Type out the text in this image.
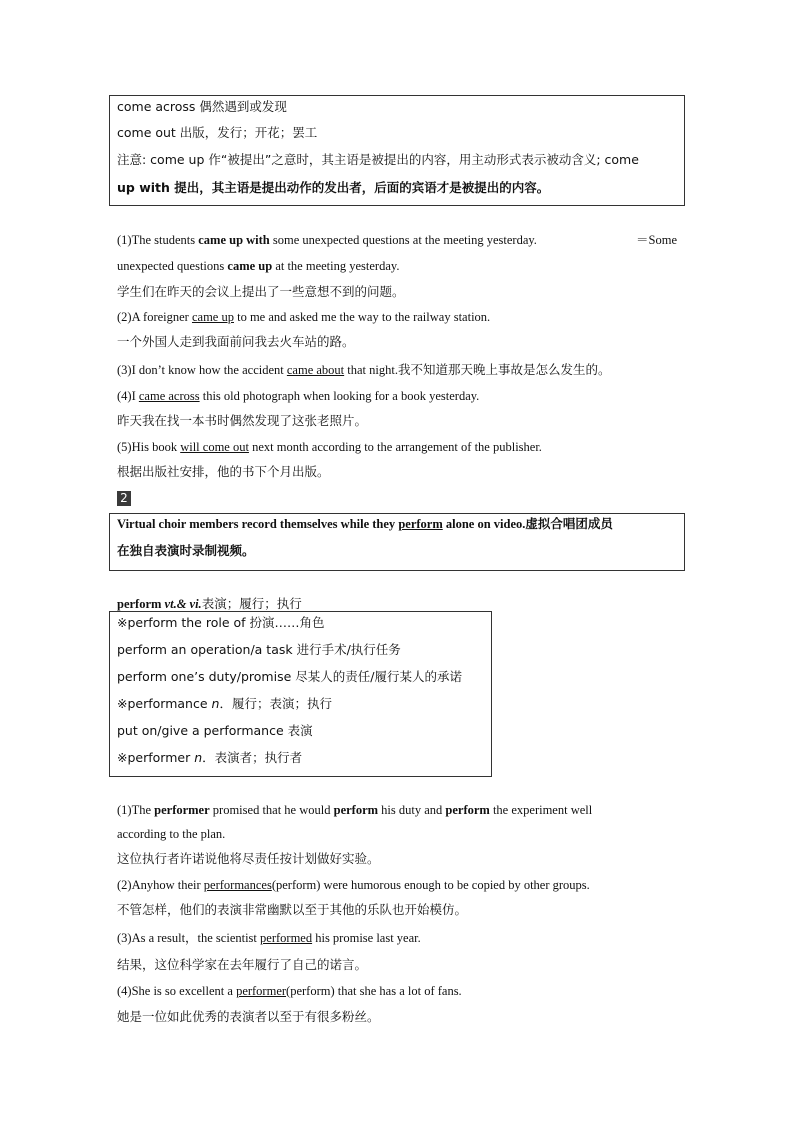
come across 偶然遇到或发现
come out 出版，发行；开花；罢工
注意: come up 作“被提出”之意时，其主语是被提出的内容，用主动形式表示被动含义; come
up with 提出，其主语是提出动作的发出者，后面的宾语才是被提出的内容。
(1)The students came up with some unexpected questions at the meeting yesterday.	＝Some
unexpected questions came up at the meeting yesterday.
学生们在昨天的会议上提出了一些意想不到的问题。
(2)A foreigner came up to me and asked me the way to the railway station.
一个外国人走到我面前问我去火车站的路。
(3)I don’t know how the accident came about that night.我不知道那天晚上事故是怎么发生的。
(4)I came across this old photograph when looking for a book yesterday.
昨天我在找一本书时偶然发现了这张老照片。
(5)His book will come out next month according to the arrangement of the publisher.
根据出版社安排，他的书下个月出版。
2
Virtual choir members record themselves while they perform alone on video.虚拟合唱团成员
在独自表演时录制视频。
perform vt.& vi.表演；履行；执行
※perform the role of 扮演……角色
perform an operation/a task 进行手术/执行任务
perform one’s duty/promise 尽某人的责任/履行某人的承诺
※performance n．履行；表演；执行
put on/give a performance 表演
※performer n．表演者；执行者
(1)The performer promised that he would perform his duty and perform the experiment well
according to the plan.
这位执行者许诺说他将尽责任按计划做好实验。
(2)Anyhow their performances(perform) were humorous enough to be copied by other groups.
不管怎样，他们的表演非常幽默以至于其他的乐队也开始模仿。
(3)As a result，the scientist performed his promise last year.
结果，这位科学家在去年履行了自己的诺言。
(4)She is so excellent a performer(perform) that she has a lot of fans.
她是一位如此优秀的表演者以至于有很多粉丝。
